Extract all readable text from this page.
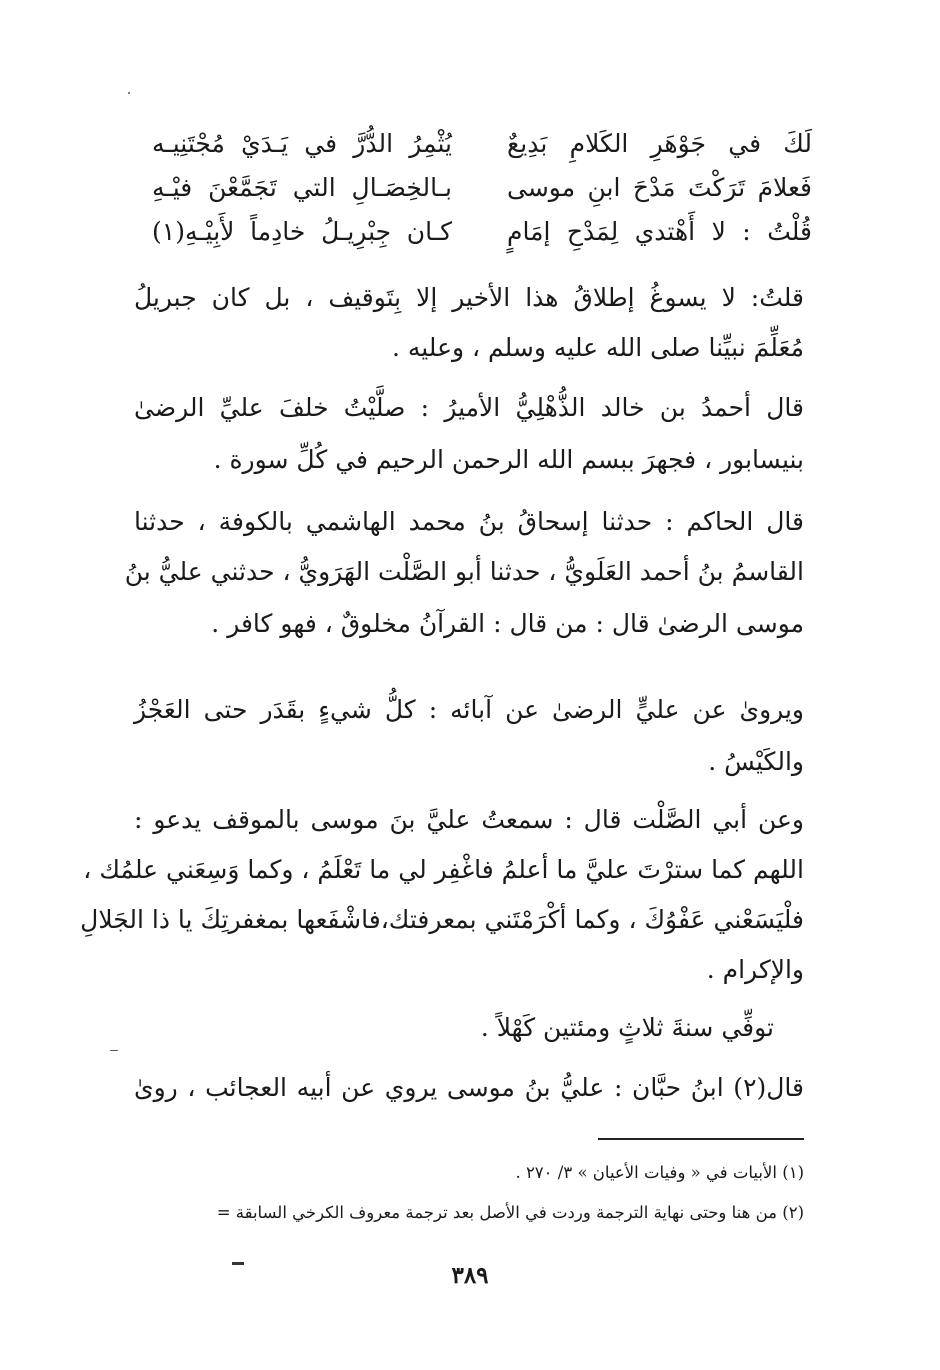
لَكَ في جَوْهَرِ الكَلامِ بَدِيعٌ
يُثْمِرُ الدُّرَّ في يَـدَيْ مُجْتَنِيـه
فَعلامَ تَرَكْتَ مَدْحَ ابنِ موسى
بـالخِصَـالِ التي تَجَمَّعْنَ فيْـهِ
قُلْتُ : لا أَهْتدي لِمَدْحِ إمَامٍ
كـان جِبْرِيـلُ خادِماً لأَبِيْـهِ(١)
قلتُ: لا يسوغُ إطلاقُ هذا الأخير إلا بِتَوقيف ، بل كان جبريلُ
مُعَلِّمَ نبيِّنا صلى الله عليه وسلم ، وعليه .
قال أحمدُ بن خالد الذُّهْلِيُّ الأميرُ : صلَّيْتُ خلفَ عليِّ الرضىٰ
بنيسابور ، فجهرَ ببسم الله الرحمن الرحيم في كُلِّ سورة .
قال الحاكم : حدثنا إسحاقُ بنُ محمد الهاشمي بالكوفة ، حدثنا
القاسمُ بنُ أحمد العَلَويُّ ، حدثنا أبو الصَّلْت الهَرَويُّ ، حدثني عليُّ بنُ
موسى الرضىٰ قال : من قال : القرآنُ مخلوقٌ ، فهو كافر .
ويروىٰ عن عليٍّ الرضىٰ عن آبائه : كلُّ شيءٍ بقَدَر حتى العَجْزُ
والكَيْسُ .
وعن أبي الصَّلْت قال : سمعتُ عليَّ بنَ موسى بالموقف يدعو :
اللهم كما سترْتَ عليَّ ما أعلمُ فاغْفِر لي ما تَعْلَمُ ، وكما وَسِعَني علمُك ،
فلْيَسَعْني عَفْوُكَ ، وكما أكْرَمْتَني بمعرفتك،فاشْفَعها بمغفرتِكَ يا ذا الجَلالِ
والإكرام .
توفِّي سنةَ ثلاثٍ ومئتين كَهْلاً .
قال(٢) ابنُ حبَّان : عليُّ بنُ موسى يروي عن أبيه العجائب ، روىٰ
(١) الأبيات في « وفيات الأعيان » ٣/ ٢٧٠ .
(٢) من هنا وحتى نهاية الترجمة وردت في الأصل بعد ترجمة معروف الكرخي السابقة =
٣٨٩
